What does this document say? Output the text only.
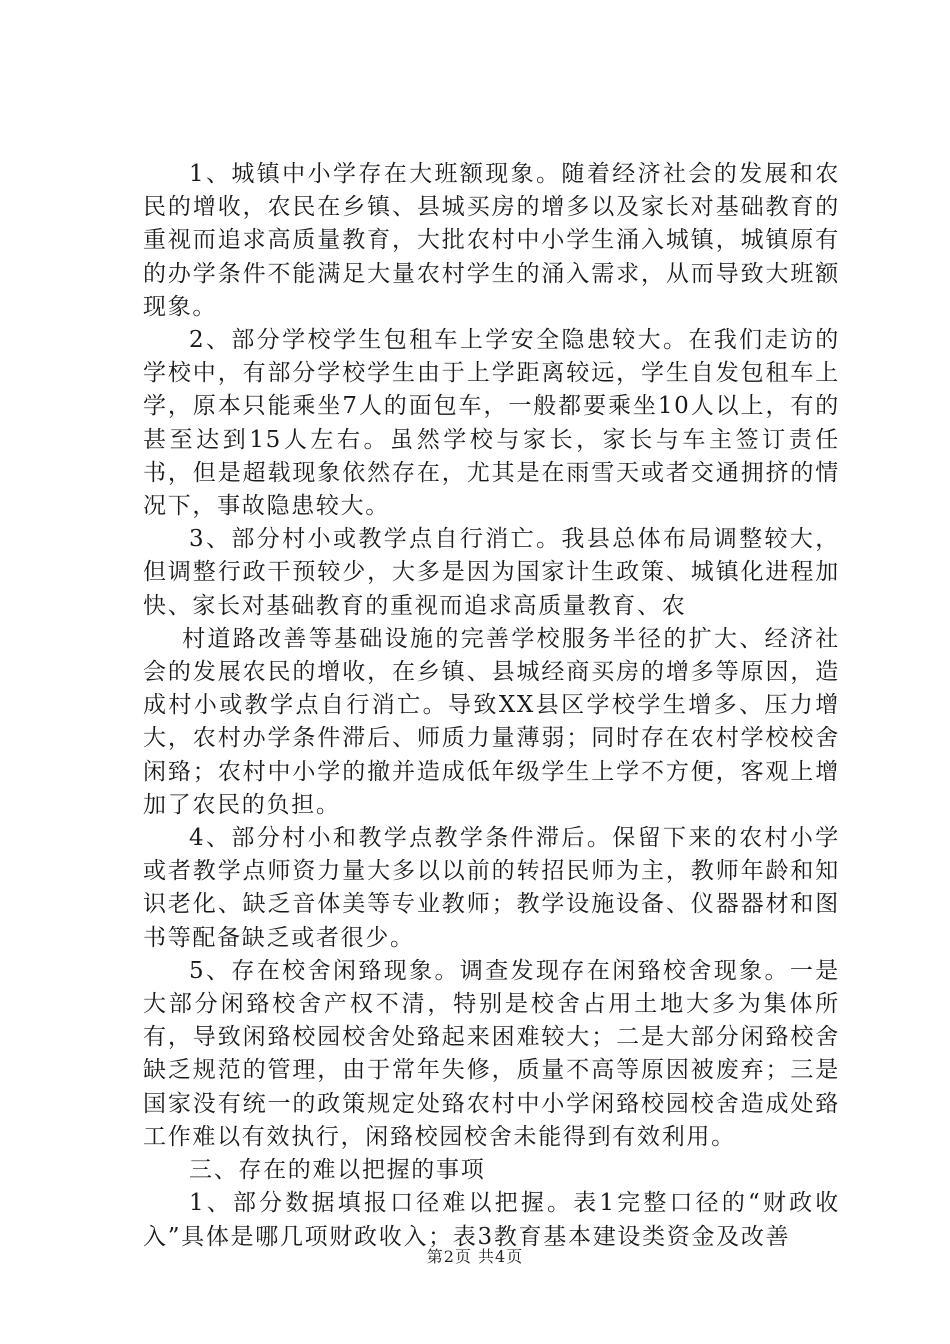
1、城镇中小学存在大班额现象。随着经济社会的发展和农民的增收，农民在乡镇、县城买房的增多以及家长对基础教育的重视而追求高质量教育，大批农村中小学生涌入城镇，城镇原有的办学条件不能满足大量农村学生的涌入需求，从而导致大班额现象。

2、部分学校学生包租车上学安全隐患较大。在我们走访的学校中，有部分学校学生由于上学距离较远，学生自发包租车上学，原本只能乘坐7人的面包车，一般都要乘坐10人以上，有的甚至达到15人左右。虽然学校与家长，家长与车主签订责任书，但是超载现象依然存在，尤其是在雨雪天或者交通拥挤的情况下，事故隐患较大。

3、部分村小或教学点自行消亡。我县总体布局调整较大，但调整行政干预较少，大多是因为国家计生政策、城镇化进程加快、家长对基础教育的重视而追求高质量教育、农

村道路改善等基础设施的完善学校服务半径的扩大、经济社会的发展农民的增收，在乡镇、县城经商买房的增多等原因，造成村小或教学点自行消亡。导致XX县区学校学生增多、压力增大，农村办学条件滞后、师质力量薄弱；同时存在农村学校校舍闲臵；农村中小学的撤并造成低年级学生上学不方便，客观上增加了农民的负担。

4、部分村小和教学点教学条件滞后。保留下来的农村小学或者教学点师资力量大多以以前的转招民师为主，教师年龄和知识老化、缺乏音体美等专业教师；教学设施设备、仪器器材和图书等配备缺乏或者很少。

5、存在校舍闲臵现象。调查发现存在闲臵校舍现象。一是大部分闲臵校舍产权不清，特别是校舍占用土地大多为集体所有，导致闲臵校园校舍处臵起来困难较大；二是大部分闲臵校舍缺乏规范的管理，由于常年失修，质量不高等原因被废弃；三是国家没有统一的政策规定处臵农村中小学闲臵校园校舍造成处臵工作难以有效执行，闲臵校园校舍未能得到有效利用。

三、存在的难以把握的事项

1、部分数据填报口径难以把握。表1完整口径的“财政收入”具体是哪几项财政收入；表3教育基本建设类资金及改善

第2页 共4页
